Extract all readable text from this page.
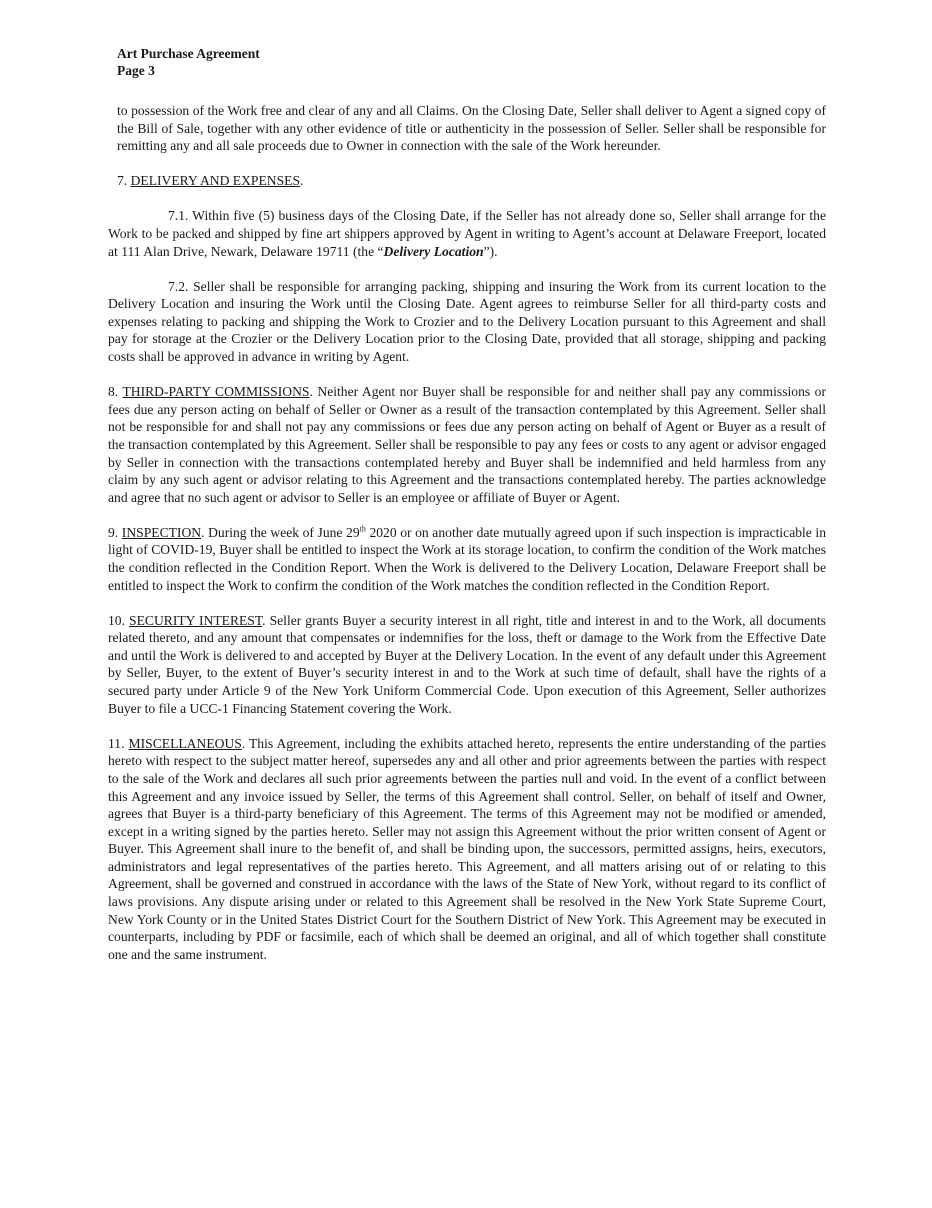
Art Purchase Agreement
Page 3

to possession of the Work free and clear of any and all Claims. On the Closing Date, Seller shall deliver to Agent a signed copy of the Bill of Sale, together with any other evidence of title or authenticity in the possession of Seller. Seller shall be responsible for remitting any and all sale proceeds due to Owner in connection with the sale of the Work hereunder.

7. DELIVERY AND EXPENSES.

7.1. Within five (5) business days of the Closing Date, if the Seller has not already done so, Seller shall arrange for the Work to be packed and shipped by fine art shippers approved by Agent in writing to Agent’s account at Delaware Freeport, located at 111 Alan Drive, Newark, Delaware 19711 (the “Delivery Location”).

7.2. Seller shall be responsible for arranging packing, shipping and insuring the Work from its current location to the Delivery Location and insuring the Work until the Closing Date. Agent agrees to reimburse Seller for all third-party costs and expenses relating to packing and shipping the Work to Crozier and to the Delivery Location pursuant to this Agreement and shall pay for storage at the Crozier or the Delivery Location prior to the Closing Date, provided that all storage, shipping and packing costs shall be approved in advance in writing by Agent.

8. THIRD-PARTY COMMISSIONS. Neither Agent nor Buyer shall be responsible for and neither shall pay any commissions or fees due any person acting on behalf of Seller or Owner as a result of the transaction contemplated by this Agreement. Seller shall not be responsible for and shall not pay any commissions or fees due any person acting on behalf of Agent or Buyer as a result of the transaction contemplated by this Agreement. Seller shall be responsible to pay any fees or costs to any agent or advisor engaged by Seller in connection with the transactions contemplated hereby and Buyer shall be indemnified and held harmless from any claim by any such agent or advisor relating to this Agreement and the transactions contemplated hereby. The parties acknowledge and agree that no such agent or advisor to Seller is an employee or affiliate of Buyer or Agent.

9. INSPECTION. During the week of June 29th 2020 or on another date mutually agreed upon if such inspection is impracticable in light of COVID-19, Buyer shall be entitled to inspect the Work at its storage location, to confirm the condition of the Work matches the condition reflected in the Condition Report. When the Work is delivered to the Delivery Location, Delaware Freeport shall be entitled to inspect the Work to confirm the condition of the Work matches the condition reflected in the Condition Report.

10. SECURITY INTEREST. Seller grants Buyer a security interest in all right, title and interest in and to the Work, all documents related thereto, and any amount that compensates or indemnifies for the loss, theft or damage to the Work from the Effective Date and until the Work is delivered to and accepted by Buyer at the Delivery Location. In the event of any default under this Agreement by Seller, Buyer, to the extent of Buyer’s security interest in and to the Work at such time of default, shall have the rights of a secured party under Article 9 of the New York Uniform Commercial Code. Upon execution of this Agreement, Seller authorizes Buyer to file a UCC-1 Financing Statement covering the Work.

11. MISCELLANEOUS. This Agreement, including the exhibits attached hereto, represents the entire understanding of the parties hereto with respect to the subject matter hereof, supersedes any and all other and prior agreements between the parties with respect to the sale of the Work and declares all such prior agreements between the parties null and void. In the event of a conflict between this Agreement and any invoice issued by Seller, the terms of this Agreement shall control. Seller, on behalf of itself and Owner, agrees that Buyer is a third-party beneficiary of this Agreement. The terms of this Agreement may not be modified or amended, except in a writing signed by the parties hereto. Seller may not assign this Agreement without the prior written consent of Agent or Buyer. This Agreement shall inure to the benefit of, and shall be binding upon, the successors, permitted assigns, heirs, executors, administrators and legal representatives of the parties hereto. This Agreement, and all matters arising out of or relating to this Agreement, shall be governed and construed in accordance with the laws of the State of New York, without regard to its conflict of laws provisions. Any dispute arising under or related to this Agreement shall be resolved in the New York State Supreme Court, New York County or in the United States District Court for the Southern District of New York. This Agreement may be executed in counterparts, including by PDF or facsimile, each of which shall be deemed an original, and all of which together shall constitute one and the same instrument.
